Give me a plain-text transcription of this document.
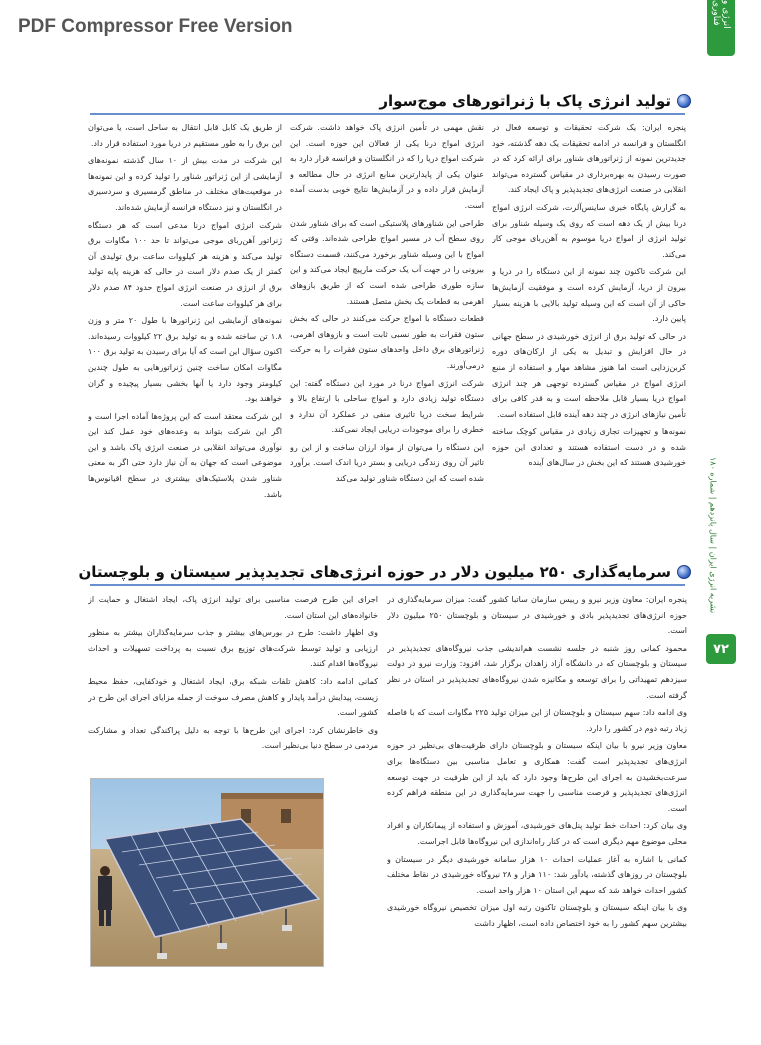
PDF Compressor Free Version	انرژی و فناوری
نشریه انرژی ایران | سال پانزدهم | شماره ۱۸۰
۷۲
تولید انرژی پاک با ژنراتورهای موج‌سوار

پنجره ایران: یک شرکت تحقیقات و توسعه فعال در انگلستان و فرانسه در ادامه تحقیقات یک دهه گذشته، خود جدیدترین نمونه از ژنراتورهای شناور برای ارائه کرد که در صورت رسیدن به بهره‌برداری در مقیاس گسترده می‌تواند انقلابی در صنعت انرژی‌های تجدیدپذیر و پاک ایجاد کند.

به گزارش پایگاه خبری ساینس‌آلرت، شرکت انرژی امواج درنا بیش از یک دهه است که روی یک وسیله شناور برای تولید انرژی از امواج دریا موسوم به آهن‌ربای موجی کار می‌کند.

این شرکت تاکنون چند نمونه از این دستگاه را در دریا و بیرون از دریا، آزمایش کرده است و موفقیت آزمایش‌ها حاکی از آن است که این وسیله تولید بالایی با هزینه بسیار پایین دارد.

در حالی که تولید برق از انرژی خورشیدی در سطح جهانی در حال افزایش و تبدیل به یکی از ارکان‌های دوره کربن‌زدایی است اما هنوز مشاهد مهار و استفاده از منبع انرژی امواج در مقیاس گسترده توجهی هر چند انرژی امواج دریا بسیار قابل ملاحظه است و به قدر کافی برای تأمین نیازهای انرژی در چند دهه آینده قابل استفاده است.

نمونه‌ها و تجهیزات تجاری زیادی در مقیاس کوچک ساخته شده و در دست استفاده هستند و تعدادی این حوزه خورشیدی هستند که این بخش در سال‌های آینده

نقش مهمی در تأمین انرژی پاک خواهد داشت. شرکت انرژی امواج درنا یکی از فعالان این حوزه است. این شرکت امواج دریا را که در انگلستان و فرانسه قرار دارد به عنوان یکی از پایدارترین منابع انرژی در حال مطالعه و آزمایش قرار داده و در آزمایش‌ها نتایج خوبی بدست آمده است.

طراحی این شناورهای پلاستیکی است که برای شناور شدن روی سطح آب در مسیر امواج طراحی شده‌اند. وقتی که امواج با این وسیله شناور برخورد می‌کنند، قسمت دستگاه بیرونی را در جهت آب یک حرکت مارپیچ ایجاد می‌کند و این سازه طوری طراحی شده است که از طریق بازوهای اهرمی به قطعات یک بخش متصل هستند.

قطعات دستگاه با امواج حرکت می‌کنند در حالی که بخش ستون فقرات به طور نسبی ثابت است و بازوهای اهرمی، ژنراتورهای برق داخل واحدهای ستون فقرات را به حرکت درمی‌آورند.

شرکت انرژی امواج درنا در مورد این دستگاه گفته: این دستگاه تولید زیادی دارد و امواج ساحلی با ارتفاع بالا و شرایط سخت دریا تاثیری منفی در عملکرد آن ندارد و خطری را برای موجودات دریایی ایجاد نمی‌کند.

این دستگاه را می‌توان از مواد ارزان ساخت و از این رو تاثیر آن روی زندگی دریایی و بستر دریا اندک است. برآورد شده است که این دستگاه شناور تولید می‌کند

از طریق یک کابل قابل انتقال به ساحل است، یا می‌توان این برق را به طور مستقیم در دریا مورد استفاده قرار داد.

این شرکت در مدت بیش از ۱۰ سال گذشته نمونه‌های آزمایشی از این ژنراتور شناور را تولید کرده و این نمونه‌ها در موقعیت‌های مختلف در مناطق گرمسیری و سردسیری در انگلستان و نیز دستگاه فرانسه آزمایش شده‌اند.

شرکت انرژی امواج درنا مدعی است که هر دستگاه ژنراتور آهن‌ربای موجی می‌تواند تا حد ۱۰۰ مگاوات برق تولید می‌کند و هزینه هر کیلووات ساعت برق تولیدی آن کمتر از یک صدم دلار است در حالی که هزینه پایه تولید برق از انرژی در صنعت انرژی امواج حدود ۸۴ صدم دلار برای هر کیلووات ساعت است.

نمونه‌های آزمایشی این ژنراتورها با طول ۲۰ متر و وزن ۱.۸ تن ساخته شده و به تولید برق ۲۲ کیلووات رسیده‌اند. اکنون سؤال این است که آیا برای رسیدن به تولید برق ۱۰۰ مگاوات امکان ساخت چنین ژنراتورهایی به طول چندین کیلومتر وجود دارد یا آنها بخشی بسیار پیچیده و گران خواهند بود.

این شرکت معتقد است که این پروژه‌ها آماده اجرا است و اگر این شرکت بتواند به وعده‌های خود عمل کند این نوآوری می‌تواند انقلابی در صنعت انرژی پاک باشد و این موضوعی است که جهان به آن نیاز دارد حتی اگر به معنی شناور شدن پلاستیک‌های بیشتری در سطح اقیانوس‌ها باشد.

سرمایه‌گذاری ۲۵۰ میلیون دلار در حوزه انرژی‌های تجدیدپذیر سیستان و بلوچستان

پنجره ایران: معاون وزیر نیرو و رییس سازمان ساتبا کشور گفت: میزان سرمایه‌گذاری در حوزه انرژی‌های تجدیدپذیر بادی و خورشیدی در سیستان و بلوچستان ۲۵۰ میلیون دلار است.

محمود کمانی روز شنبه در جلسه نشست هم‌اندیشی جذب نیروگاه‌های تجدیدپذیر در سیستان و بلوچستان که در دانشگاه آزاد زاهدان برگزار شد، افزود: وزارت نیرو در دولت سیزدهم تمهیداتی را برای توسعه و مکانیزه شدن نیروگاه‌های تجدیدپذیر در استان در نظر گرفته است.

وی ادامه داد: سهم سیستان و بلوچستان از این میزان تولید ۲۲۵ مگاوات است که با فاصله زیاد رتبه دوم در کشور را دارد.

معاون وزیر نیرو با بیان اینکه سیستان و بلوچستان دارای ظرفیت‌های بی‌نظیر در حوزه انرژی‌های تجدیدپذیر است گفت: همکاری و تعامل مناسبی بین دستگاه‌ها برای سرعت‌بخشیدن به اجرای این طرح‌ها وجود دارد که باید از این ظرفیت در جهت توسعه انرژی‌های تجدیدپذیر و فرصت مناسبی را جهت سرمایه‌گذاری در این منطقه فراهم کرده است.

وی بیان کرد: احداث خط تولید پنل‌های خورشیدی، آموزش و استفاده از پیمانکاران و افراد محلی موضوع مهم دیگری است که در کنار راه‌اندازی این نیروگاه‌ها قابل اجراست.

کمانی با اشاره به آغاز عملیات احداث ۱۰ هزار سامانه خورشیدی دیگر در سیستان و بلوچستان در روزهای گذشته، یادآور شد: ۱۱۰ هزار و ۲۸ نیروگاه خورشیدی در نقاط مختلف کشور احداث خواهد شد که سهم این استان ۱۰ هزار واحد است.

وی با بیان اینکه سیستان و بلوچستان تاکنون رتبه اول میزان تخصیص نیروگاه خورشیدی بیشترین سهم کشور را به خود اختصاص داده است، اظهار داشت

اجرای این طرح فرصت مناسبی برای تولید انرژی پاک، ایجاد اشتغال و حمایت از خانواده‌های این استان است.

وی اظهار داشت: طرح در بورس‌های بیشتر و جذب سرمایه‌گذاران بیشتر به منظور ارزیابی و تولید توسط شرکت‌های توزیع برق نسبت به پرداخت تسهیلات و احداث نیروگاه‌ها اقدام کنند.

کمانی ادامه داد: کاهش تلفات شبکه برق، ایجاد اشتغال و خودکفایی، حفظ محیط زیست، پیدایش درآمد پایدار و کاهش مصرف سوخت از جمله مزایای اجرای این طرح در کشور است.

وی خاطرنشان کرد: اجرای این طرح‌ها با توجه به دلیل پراکندگی تعداد و مشارکت مردمی در سطح دنیا بی‌نظیر است.
